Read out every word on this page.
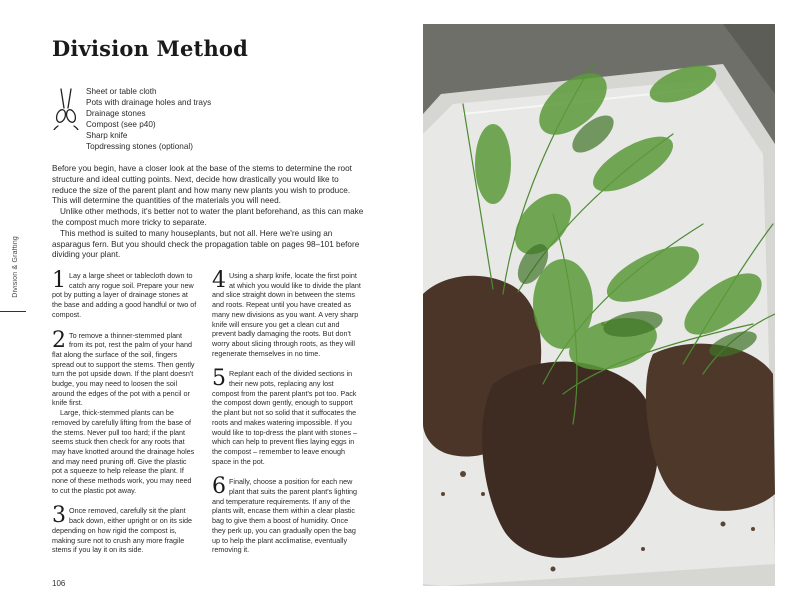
Division Method
Sheet or table cloth
Pots with drainage holes and trays
Drainage stones
Compost (see p40)
Sharp knife
Topdressing stones (optional)

Before you begin, have a closer look at the base of the stems to determine the root structure and ideal cutting points. Next, decide how drastically you would like to reduce the size of the parent plant and how many new plants you wish to produce. This will determine the quantities of the materials you will need.

Unlike other methods, it's better not to water the plant beforehand, as this can make the compost much more tricky to separate.

This method is suited to many houseplants, but not all. Here we're using an asparagus fern. But you should check the propagation table on pages 98–101 before dividing your plant.

Division & Grafting 1 Lay a large sheet or tablecloth down to catch any rogue soil. Prepare your new pot by putting a layer of drainage stones at the base and adding a good handful or two of compost.

2 To remove a thinner-stemmed plant from its pot, rest the palm of your hand flat along the surface of the soil, fingers spread out to support the stems. Then gently turn the pot upside down. If the plant doesn't budge, you may need to loosen the soil around the edges of the pot with a pencil or knife first.

Large, thick-stemmed plants can be removed by carefully lifting from the base of the stems. Never pull too hard; if the plant seems stuck then check for any roots that may have knotted around the drainage holes and may need pruning off. Give the plastic pot a squeeze to help release the plant. If none of these methods work, you may need to cut the plastic pot away.

3 Once removed, carefully sit the plant back down, either upright or on its side depending on how rigid the compost is, making sure not to crush any more fragile stems if you lay it on its side.

4 Using a sharp knife, locate the first point at which you would like to divide the plant and slice straight down in between the stems and roots. Repeat until you have created as many new divisions as you want. A very sharp knife will ensure you get a clean cut and prevent badly damaging the roots. But don't worry about slicing through roots, as they will regenerate themselves in no time.

5 Replant each of the divided sections in their new pots, replacing any lost compost from the parent plant's pot too. Pack the compost down gently, enough to support the plant but not so solid that it suffocates the roots and makes watering impossible. If you would like to top-dress the plant with stones – which can help to prevent flies laying eggs in the compost – remember to leave enough space in the pot.

6 Finally, choose a position for each new plant that suits the parent plant's lighting and temperature requirements. If any of the plants wilt, encase them within a clear plastic bag to give them a boost of humidity. Once they perk up, you can gradually open the bag up to help the plant acclimatise, eventually removing it.

106
